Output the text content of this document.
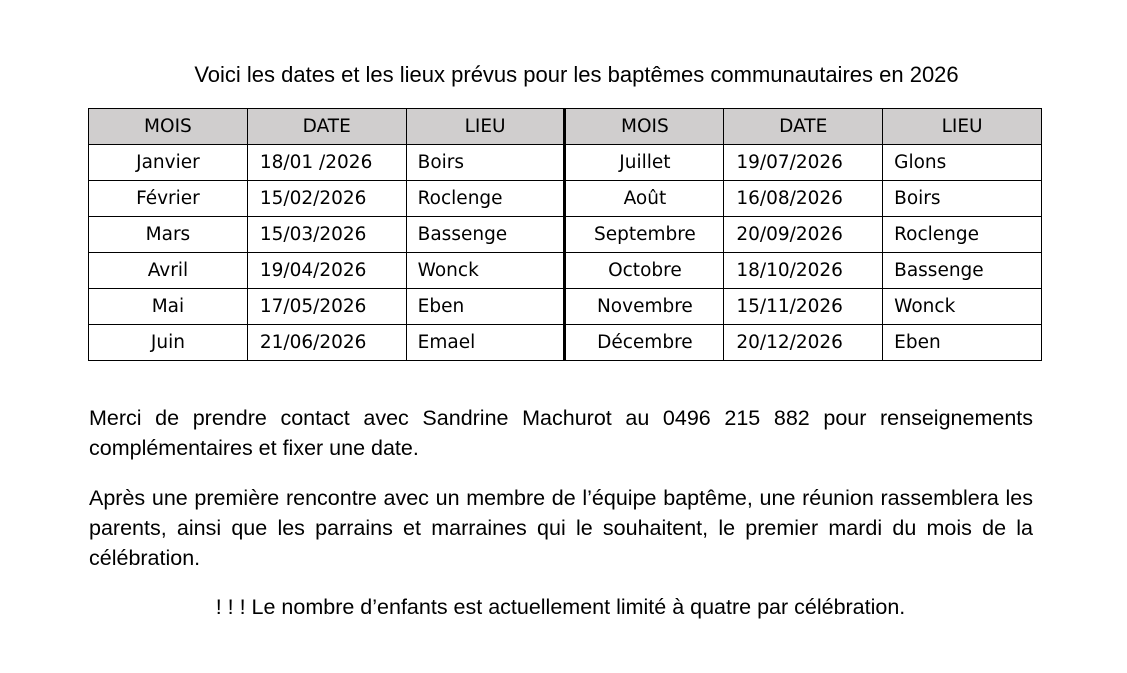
Voici les dates et les lieux prévus pour les baptêmes communautaires en 2026
MOIS	DATE	LIEU	MOIS	DATE	LIEU
Janvier	18/01 /2026	Boirs	Juillet	19/07/2026	Glons
Février	15/02/2026	Roclenge	Août	16/08/2026	Boirs
Mars	15/03/2026	Bassenge	Septembre	20/09/2026	Roclenge
Avril	19/04/2026	Wonck	Octobre	18/10/2026	Bassenge
Mai	17/05/2026	Eben	Novembre	15/11/2026	Wonck
Juin	21/06/2026	Emael	Décembre	20/12/2026	Eben

Merci de prendre contact avec Sandrine Machurot au 0496 215 882 pour renseignements complémentaires et fixer une date.

Après une première rencontre avec un membre de l’équipe baptême, une réunion rassemblera les parents, ainsi que les parrains et marraines qui le souhaitent, le premier mardi du mois de la célébration.

! ! ! Le nombre d’enfants est actuellement limité à quatre par célébration.
